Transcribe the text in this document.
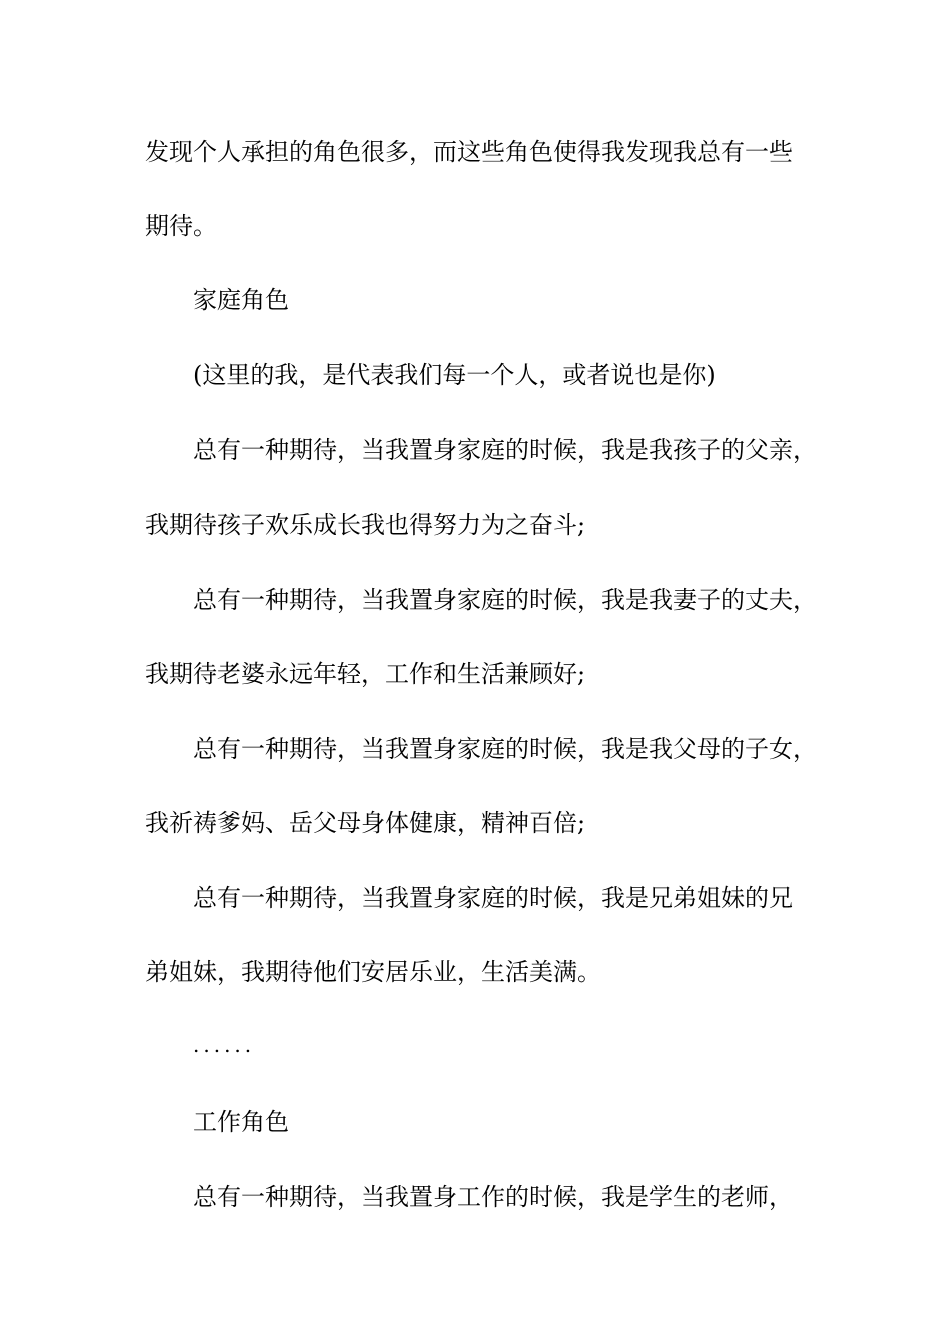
发现个人承担的角色很多，而这些角色使得我发现我总有一些
期待。
家庭角色
(这里的我，是代表我们每一个人，或者说也是你)
总有一种期待，当我置身家庭的时候，我是我孩子的父亲，
我期待孩子欢乐成长我也得努力为之奋斗;
总有一种期待，当我置身家庭的时候，我是我妻子的丈夫，
我期待老婆永远年轻，工作和生活兼顾好;
总有一种期待，当我置身家庭的时候，我是我父母的子女，
我祈祷爹妈、岳父母身体健康，精神百倍;
总有一种期待，当我置身家庭的时候，我是兄弟姐妹的兄
弟姐妹，我期待他们安居乐业，生活美满。
......
工作角色
总有一种期待，当我置身工作的时候，我是学生的老师，
